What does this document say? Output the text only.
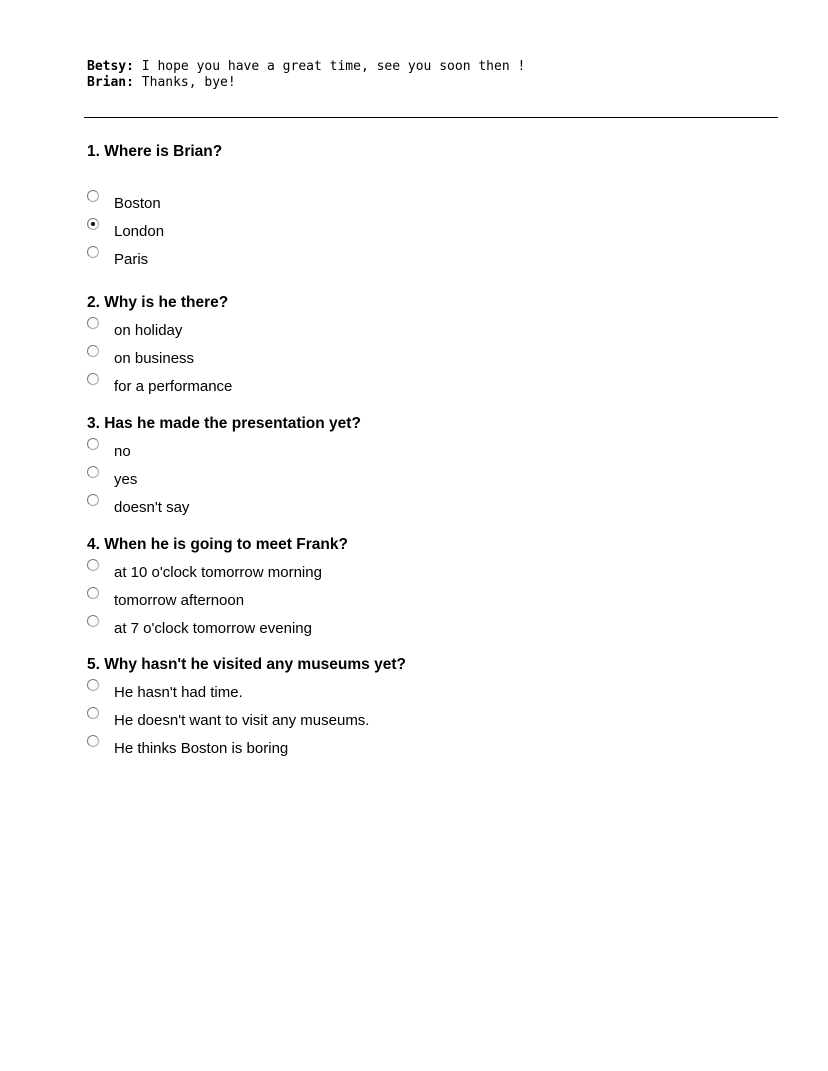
Betsy: I hope you have a great time, see you soon then !
Brian: Thanks, bye!
1. Where is Brian?
Boston
London
Paris
2. Why is he there?
on holiday
on business
for a performance
3. Has he made the presentation yet?
no
yes
doesn't say
4. When he is going to meet Frank?
at 10 o'clock tomorrow morning
tomorrow afternoon
at 7 o'clock tomorrow evening
5. Why hasn't he visited any museums yet?
He hasn't had time.
He doesn't want to visit any museums.
He thinks Boston is boring
